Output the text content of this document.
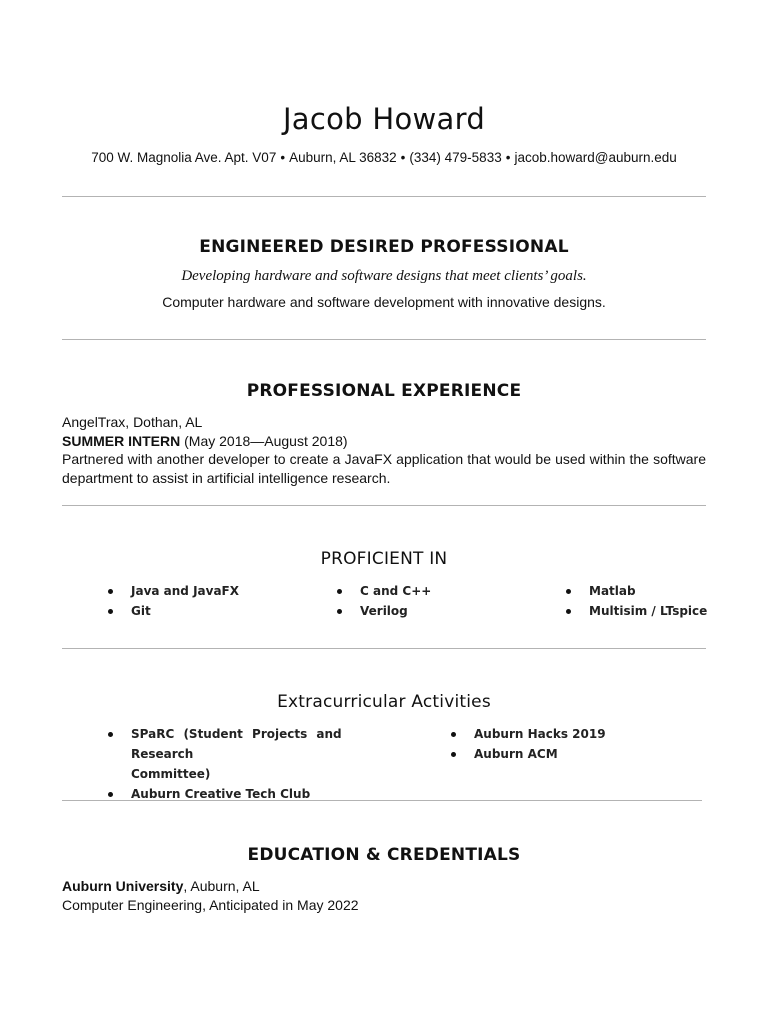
Jacob Howard
700 W. Magnolia Ave. Apt. V07 • Auburn, AL 36832 • (334) 479-5833 • jacob.howard@auburn.edu
ENGINEERED DESIRED PROFESSIONAL
Developing hardware and software designs that meet clients’ goals.
Computer hardware and software development with innovative designs.
PROFESSIONAL EXPERIENCE
AngelTrax, Dothan, AL
SUMMER INTERN (May 2018—August 2018)
Partnered with another developer to create a JavaFX application that would be used within the software department to assist in artificial intelligence research.
PROFICIENT IN
Java and JavaFX
Git
C and C++
Verilog
Matlab
Multisim / LTspice
Extracurricular Activities
SPaRC (Student Projects and Research
Committee)
Auburn Creative Tech Club
Auburn Hacks 2019
Auburn ACM
EDUCATION & CREDENTIALS
Auburn University, Auburn, AL
Computer Engineering, Anticipated in May 2022
